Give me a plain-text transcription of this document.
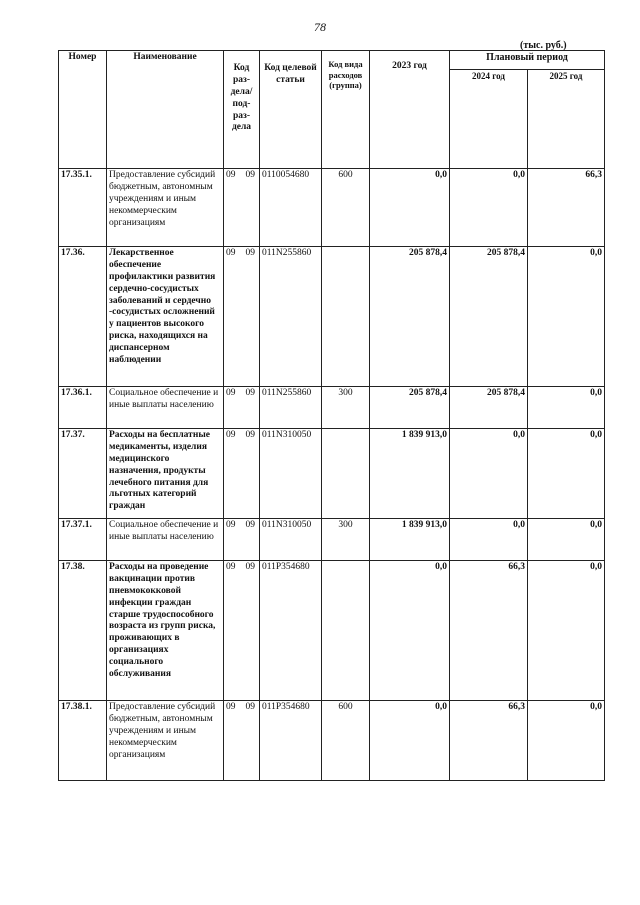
78
(тыс. руб.)
Номер	Наименование	Код раз- дела/ под- раз- дела	Код целевой статьи	Код вида расходов (группа)	2023 год	Плановый период	
						2024 год	2025 год
17.35.1.	Предоставление субсидий бюджетным, автономным учреждениям и иным некоммерческим организациям	09 09	0110054680	600	0,0	0,0	66,3
17.36.	Лекарственное обеспечение профилактики развития сердечно-сосудистых заболеваний и сердечно -сосудистых осложнений у пациентов высокого риска, находящихся на диспансерном наблюдении	09 09	011N255860		205 878,4	205 878,4	0,0
17.36.1.	Социальное обеспечение и иные выплаты населению	09 09	011N255860	300	205 878,4	205 878,4	0,0
17.37.	Расходы на бесплатные медикаменты, изделия медицинского назначения, продукты лечебного питания для льготных категорий граждан	09 09	011N310050		1 839 913,0	0,0	0,0
17.37.1.	Социальное обеспечение и иные выплаты населению	09 09	011N310050	300	1 839 913,0	0,0	0,0
17.38.	Расходы на проведение вакцинации против пневмококковой инфекции граждан старше трудоспособного возраста из групп риска, проживающих в организациях социального обслуживания	09 09	011P354680		0,0	66,3	0,0
17.38.1.	Предоставление субсидий бюджетным, автономным учреждениям и иным некоммерческим организациям	09 09	011P354680	600	0,0	66,3	0,0
